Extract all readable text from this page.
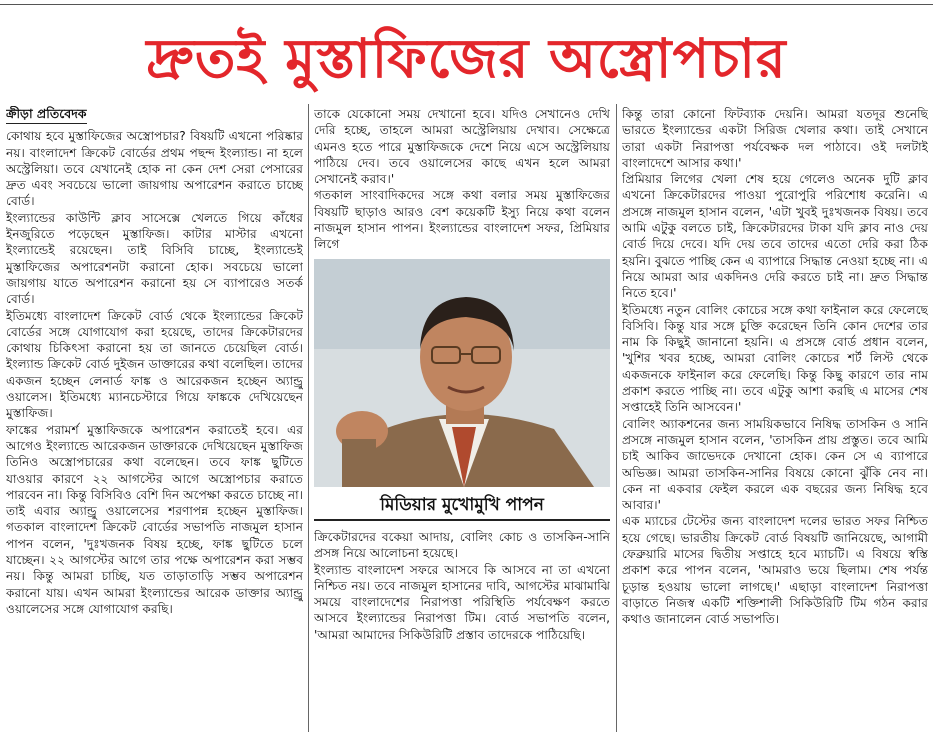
দ্রুতই মুস্তাফিজের অস্ত্রোপচার
ক্রীড়া প্রতিবেদক

কোথায় হবে মুস্তাফিজের অস্ত্রোপচার? বিষয়টি এখনো পরিষ্কার নয়। বাংলাদেশ ক্রিকেট বোর্ডের প্রথম পছন্দ ইংল্যান্ড। না হলে অস্ট্রেলিয়া। তবে যেখানেই হোক না কেন দেশ সেরা পেসারের দ্রুত এবং সবচেয়ে ভালো জায়গায় অপারেশন করাতে চাচ্ছে বোর্ড।

ইংল্যান্ডের কাউন্টি ক্লাব সাসেক্সে খেলতে গিয়ে কাঁধের ইনজুরিতে পড়েছেন মুস্তাফিজ। কাটার মাস্টার এখনো ইংল্যান্ডেই রয়েছেন। তাই বিসিবি চাচ্ছে, ইংল্যান্ডেই মুস্তাফিজের অপারেশনটা করানো হোক। সবচেয়ে ভালো জায়গায় যাতে অপারেশন করানো হয় সে ব্যাপারেও সতর্ক বোর্ড।

ইতিমধ্যে বাংলাদেশ ক্রিকেট বোর্ড থেকে ইংল্যান্ডের ক্রিকেট বোর্ডের সঙ্গে যোগাযোগ করা হয়েছে, তাদের ক্রিকেটারদের কোথায় চিকিৎসা করানো হয় তা জানতে চেয়েছিল বোর্ড। ইংল্যান্ড ক্রিকেট বোর্ড দুইজন ডাক্তারের কথা বলেছিল। তাদের একজন হচ্ছেন লেনার্ড ফাঙ্ক ও আরেকজন হচ্ছেন অ্যান্ড্রু ওয়ালেস। ইতিমধ্যে ম্যানচেস্টারে গিয়ে ফাঙ্ককে দেখিয়েছেন মুস্তাফিজ।

ফাঙ্কের পরামর্শ মুস্তাফিজকে অপারেশন করাতেই হবে। এর আগেও ইংল্যান্ডে আরেকজন ডাক্তারকে দেখিয়েছেন মুস্তাফিজ তিনিও অস্ত্রোপচারের কথা বলেছেন। তবে ফাঙ্ক ছুটিতে যাওয়ার কারণে ২২ আগস্টের আগে অস্ত্রোপচার করাতে পারবেন না। কিন্তু বিসিবিও বেশি দিন অপেক্ষা করতে চাচ্ছে না। তাই এবার অ্যান্ড্রু ওয়ালেসের শরণাপন্ন হচ্ছেন মুস্তাফিজ। গতকাল বাংলাদেশ ক্রিকেট বোর্ডের সভাপতি নাজমুল হাসান পাপন বলেন, 'দুঃখজনক বিষয় হচ্ছে, ফাঙ্ক ছুটিতে চলে যাচ্ছেন। ২২ আগস্টের আগে তার পক্ষে অপারেশন করা সম্ভব নয়। কিন্তু আমরা চাচ্ছি, যত তাড়াতাড়ি সম্ভব অপারেশন করানো যায়। এখন আমরা ইংল্যান্ডের আরেক ডাক্তার অ্যান্ড্রু ওয়ালেসের সঙ্গে যোগাযোগ করছি।

তাকে যেকোনো সময় দেখানো হবে। যদিও সেখানেও দেখি দেরি হচ্ছে, তাহলে আমরা অস্ট্রেলিয়ায় দেখাব। সেক্ষেত্রে এমনও হতে পারে মুস্তাফিজকে দেশে নিয়ে এসে অস্ট্রেলিয়ায় পাঠিয়ে দেব। তবে ওয়ালেসের কাছে এখন হলে আমরা সেখানেই করাব।'

গতকাল সাংবাদিকদের সঙ্গে কথা বলার সময় মুস্তাফিজের বিষয়টি ছাড়াও আরও বেশ কয়েকটি ইস্যু নিয়ে কথা বলেন নাজমুল হাসান পাপন। ইংল্যান্ডের বাংলাদেশ সফর, প্রিমিয়ার লিগে

মিডিয়ার মুখোমুখি পাপন

ক্রিকেটারদের বকেয়া আদায়, বোলিং কোচ ও তাসকিন-সানি প্রসঙ্গ নিয়ে আলোচনা হয়েছে।

ইংল্যান্ড বাংলাদেশ সফরে আসবে কি আসবে না তা এখনো নিশ্চিত নয়। তবে নাজমুল হাসানের দাবি, আগস্টের মাঝামাঝি সময়ে বাংলাদেশের নিরাপত্তা পরিস্থিতি পর্যবেক্ষণ করতে আসবে ইংল্যান্ডের নিরাপত্তা টিম। বোর্ড সভাপতি বলেন, 'আমরা আমাদের সিকিউরিটি প্রস্তাব তাদেরকে পাঠিয়েছি।

কিন্তু তারা কোনো ফিটব্যাক দেয়নি। আমরা যতদূর শুনেছি ভারতে ইংল্যান্ডের একটা সিরিজ খেলার কথা। তাই সেখানে তারা একটা নিরাপত্তা পর্যবেক্ষক দল পাঠাবে। ওই দলটাই বাংলাদেশে আসার কথা।'

প্রিমিয়ার লিগের খেলা শেষ হয়ে গেলেও অনেক দুটি ক্লাব এখনো ক্রিকেটারদের পাওয়া পুরোপুরি পরিশোধ করেনি। এ প্রসঙ্গে নাজমুল হাসান বলেন, 'এটা খুবই দুঃখজনক বিষয়। তবে আমি এটুকু বলতে চাই, ক্রিকেটারদের টাকা যদি ক্লাব নাও দেয় বোর্ড দিয়ে দেবে। যদি দেয় তবে তাদের এতো দেরি করা ঠিক হয়নি। বুঝতে পাচ্ছি কেন এ ব্যাপারে সিদ্ধান্ত নেওয়া হচ্ছে না। এ নিয়ে আমরা আর একদিনও দেরি করতে চাই না। দ্রুত সিদ্ধান্ত নিতে হবে।'

ইতিমধ্যে নতুন বোলিং কোচের সঙ্গে কথা ফাইনাল করে ফেলেছে বিসিবি। কিন্তু যার সঙ্গে চুক্তি করেছেন তিনি কোন দেশের তার নাম কি কিছুই জানানো হয়নি। এ প্রসঙ্গে বোর্ড প্রধান বলেন, 'খুশির খবর হচ্ছে, আমরা বোলিং কোচের শর্ট লিস্ট থেকে একজনকে ফাইনাল করে ফেলেছি। কিন্তু কিছু কারণে তার নাম প্রকাশ করতে পাচ্ছি না। তবে এটুকু আশা করছি এ মাসের শেষ সপ্তাহেই তিনি আসবেন।'

বোলিং অ্যাকশনের জন্য সাময়িকভাবে নিষিদ্ধ তাসকিন ও সানি প্রসঙ্গে নাজমুল হাসান বলেন, 'তাসকিন প্রায় প্রস্তুত। তবে আমি চাই আকিব জাভেদকে দেখানো হোক। কেন সে এ ব্যাপারে অভিজ্ঞ। আমরা তাসকিন-সানির বিষয়ে কোনো ঝুঁকি নেব না। কেন না একবার ফেইল করলে এক বছরের জন্য নিষিদ্ধ হবে আবার।'

এক ম্যাচের টেস্টের জন্য বাংলাদেশ দলের ভারত সফর নিশ্চিত হয়ে গেছে। ভারতীয় ক্রিকেট বোর্ড বিষয়টি জানিয়েছে, আগামী ফেব্রুয়ারি মাসের দ্বিতীয় সপ্তাহে হবে ম্যাচটি। এ বিষয়ে স্বস্তি প্রকাশ করে পাপন বলেন, 'আমরাও ভয়ে ছিলাম। শেষ পর্যন্ত চূড়ান্ত হওয়ায় ভালো লাগছে।' এছাড়া বাংলাদেশ নিরাপত্তা বাড়াতে নিজস্ব একটি শক্তিশালী সিকিউরিটি টিম গঠন করার কথাও জানালেন বোর্ড সভাপতি।
